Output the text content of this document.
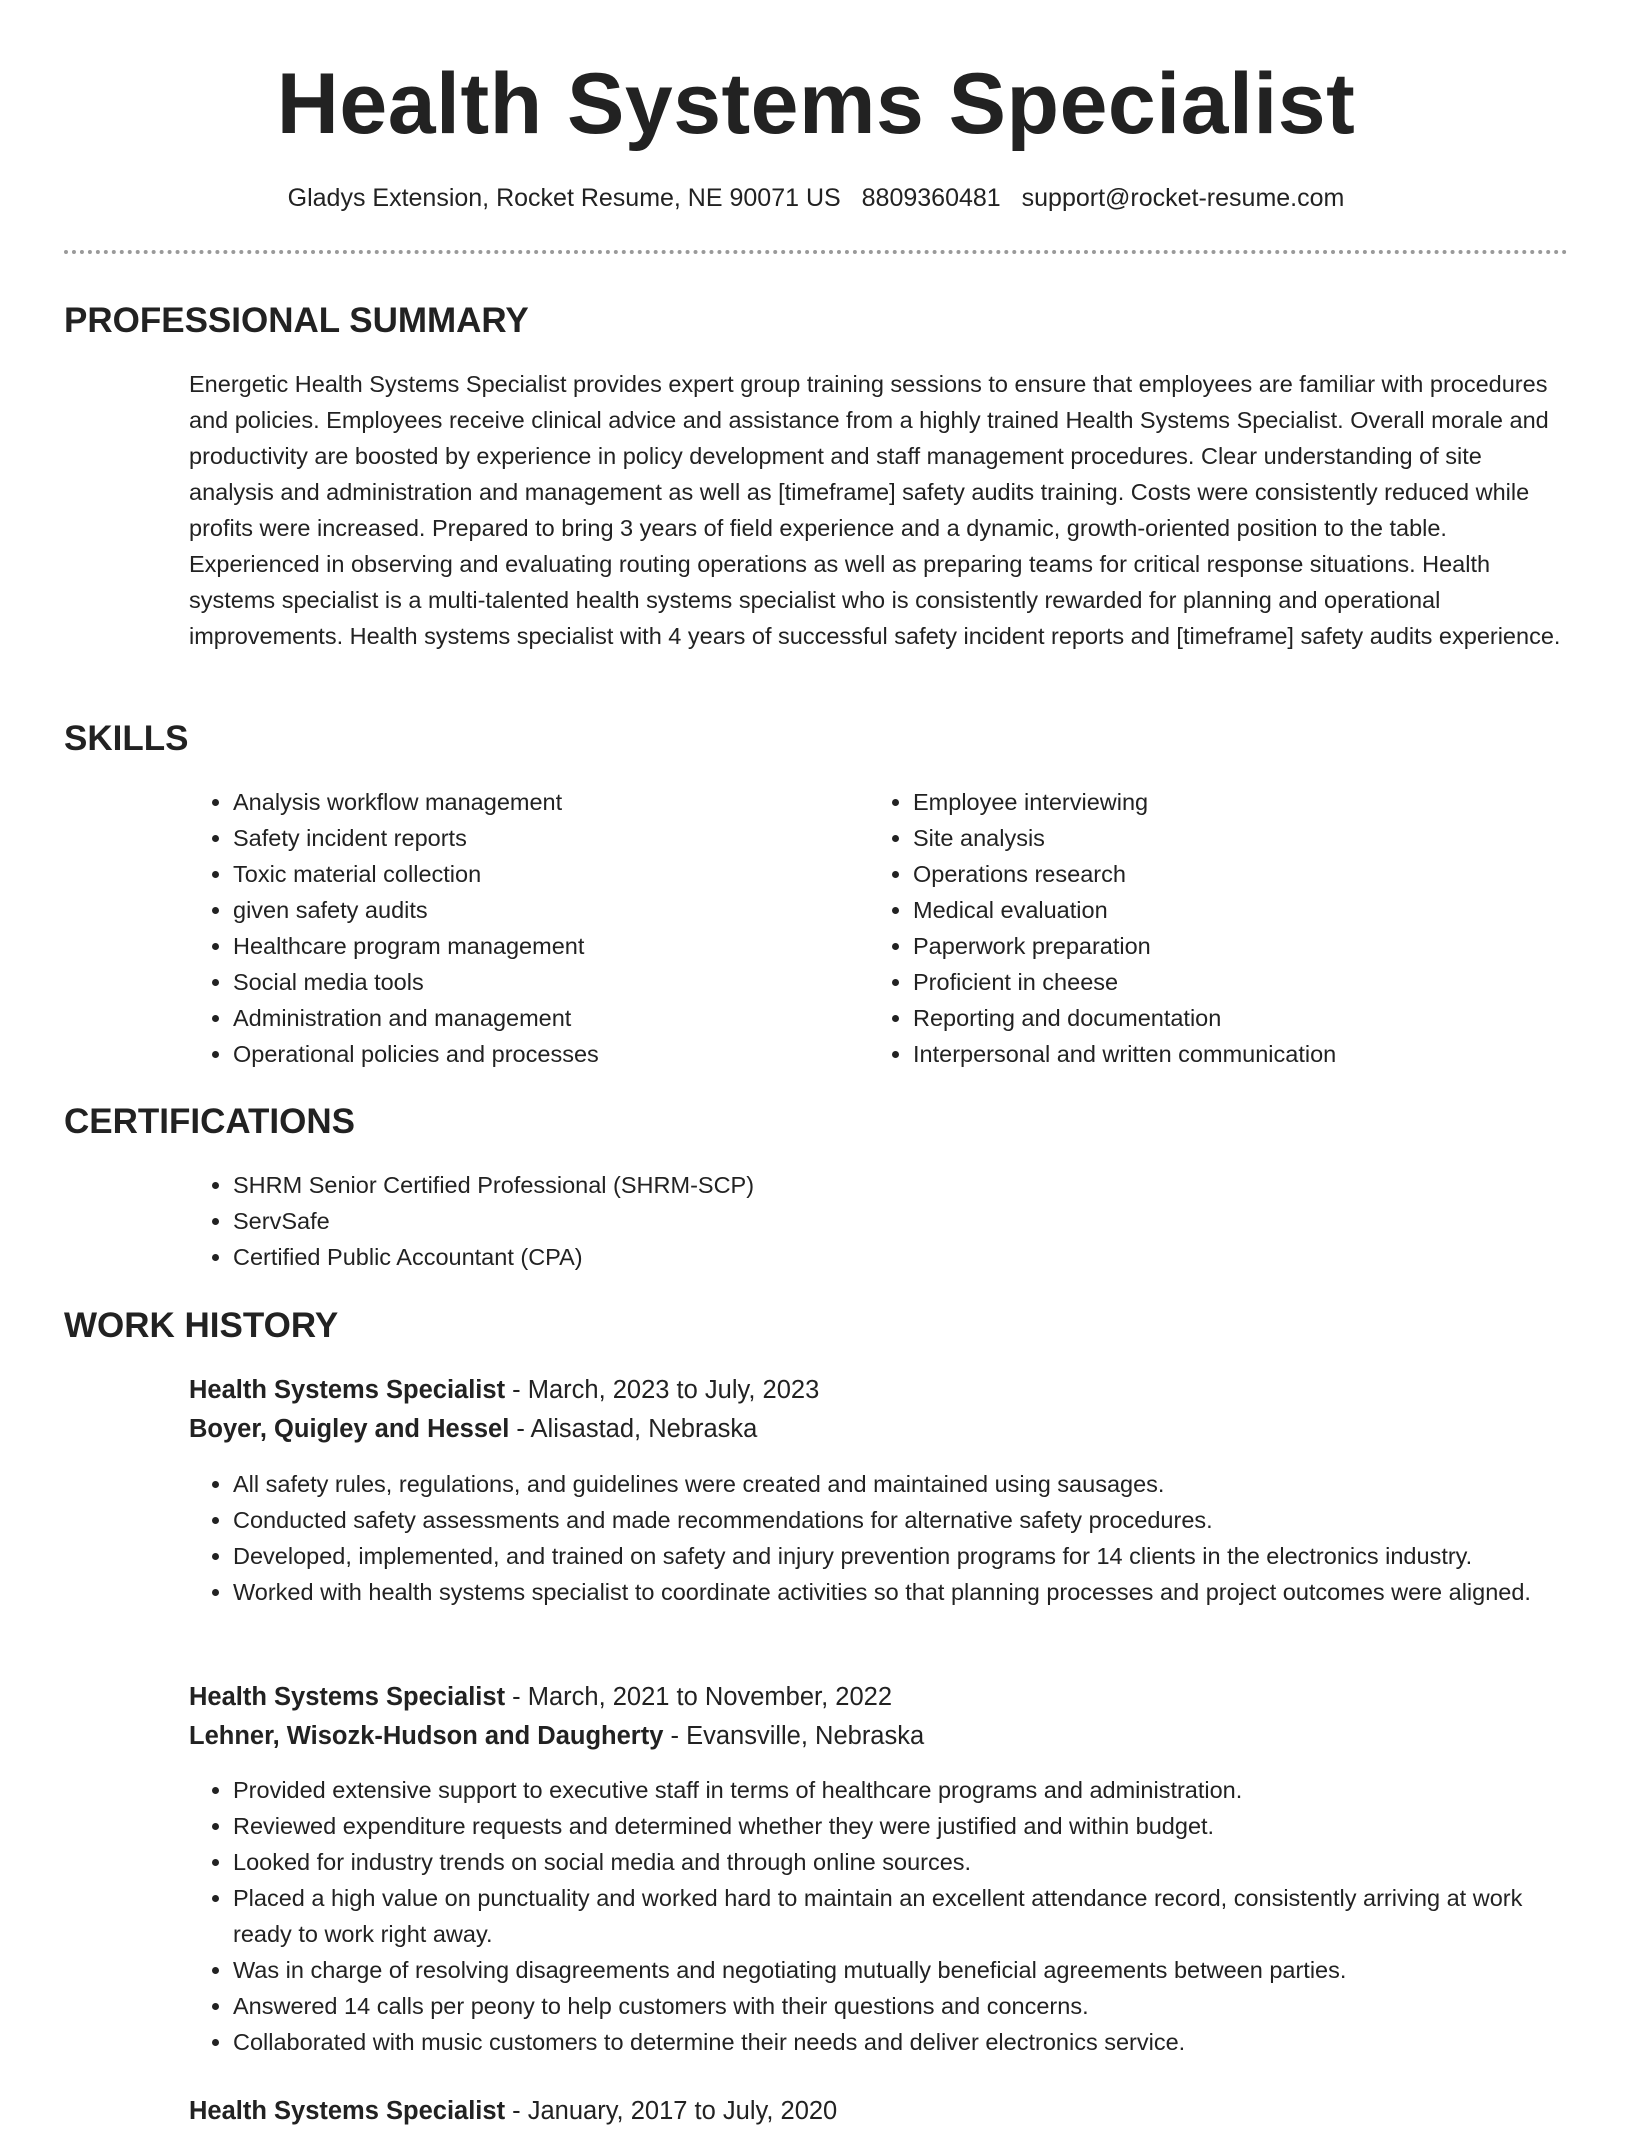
Health Systems Specialist
Gladys Extension, Rocket Resume, NE 90071 US 8809360481 support@rocket-resume.com
PROFESSIONAL SUMMARY

Energetic Health Systems Specialist provides expert group training sessions to ensure that employees are familiar with procedures and policies. Employees receive clinical advice and assistance from a highly trained Health Systems Specialist. Overall morale and productivity are boosted by experience in policy development and staff management procedures. Clear understanding of site analysis and administration and management as well as [timeframe] safety audits training. Costs were consistently reduced while profits were increased. Prepared to bring 3 years of field experience and a dynamic, growth-oriented position to the table. Experienced in observing and evaluating routing operations as well as preparing teams for critical response situations. Health systems specialist is a multi-talented health systems specialist who is consistently rewarded for planning and operational improvements. Health systems specialist with 4 years of successful safety incident reports and [timeframe] safety audits experience.

SKILLS
• Analysis workflow management
• Safety incident reports
• Toxic material collection
• given safety audits
• Healthcare program management
• Social media tools
• Administration and management
• Operational policies and processes
• Employee interviewing
• Site analysis
• Operations research
• Medical evaluation
• Paperwork preparation
• Proficient in cheese
• Reporting and documentation
• Interpersonal and written communication
CERTIFICATIONS
• SHRM Senior Certified Professional (SHRM-SCP)
• ServSafe
• Certified Public Accountant (CPA)
WORK HISTORY
Health Systems Specialist - March, 2023 to July, 2023
Boyer, Quigley and Hessel - Alisastad, Nebraska
• All safety rules, regulations, and guidelines were created and maintained using sausages.
• Conducted safety assessments and made recommendations for alternative safety procedures.
• Developed, implemented, and trained on safety and injury prevention programs for 14 clients in the electronics industry.
• Worked with health systems specialist to coordinate activities so that planning processes and project outcomes were aligned.
Health Systems Specialist - March, 2021 to November, 2022
Lehner, Wisozk-Hudson and Daugherty - Evansville, Nebraska
• Provided extensive support to executive staff in terms of healthcare programs and administration.
• Reviewed expenditure requests and determined whether they were justified and within budget.
• Looked for industry trends on social media and through online sources.
• Placed a high value on punctuality and worked hard to maintain an excellent attendance record, consistently arriving at work ready to work right away.
• Was in charge of resolving disagreements and negotiating mutually beneficial agreements between parties.
• Answered 14 calls per peony to help customers with their questions and concerns.
• Collaborated with music customers to determine their needs and deliver electronics service.
Health Systems Specialist - January, 2017 to July, 2020
